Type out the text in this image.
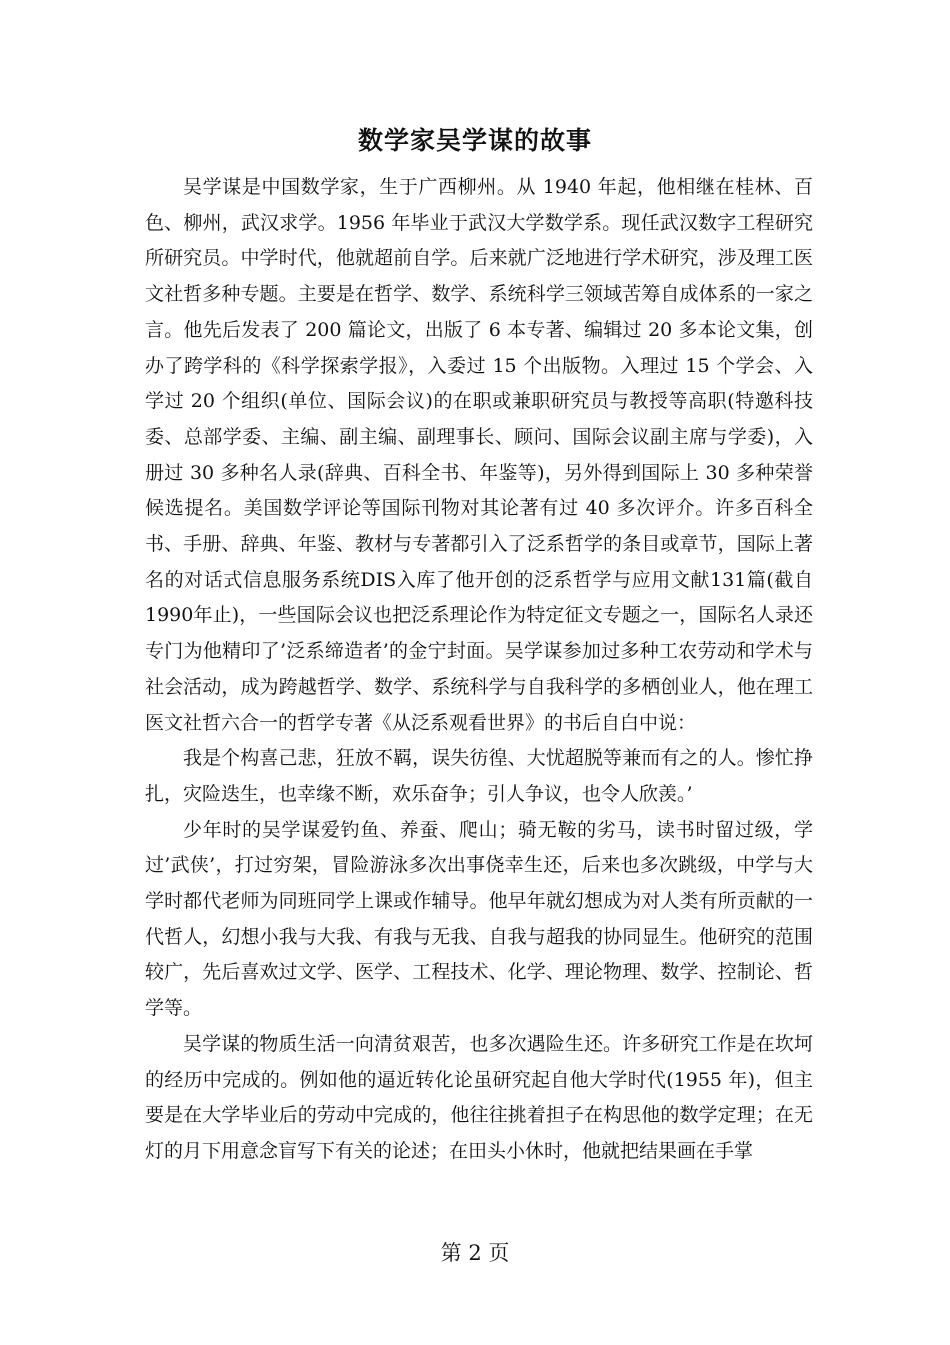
数学家吴学谋的故事

吴学谋是中国数学家，生于广西柳州。从 1940 年起，他相继在桂林、百色、柳州，武汉求学。1956 年毕业于武汉大学数学系。现任武汉数字工程研究所研究员。中学时代，他就超前自学。后来就广泛地进行学术研究，涉及理工医文社哲多种专题。主要是在哲学、数学、系统科学三领域苦筹自成体系的一家之言。他先后发表了 200 篇论文，出版了 6 本专著、编辑过 20 多本论文集，创办了跨学科的《科学探索学报》，入委过 15 个出版物。入理过 15 个学会、入学过 20 个组织(单位、国际会议)的在职或兼职研究员与教授等高职(特邀科技委、总部学委、主编、副主编、副理事长、顾问、国际会议副主席与学委)，入册过 30 多种名人录(辞典、百科全书、年鉴等)，另外得到国际上 30 多种荣誉候选提名。美国数学评论等国际刊物对其论著有过 40 多次评介。许多百科全书、手册、辞典、年鉴、教材与专著都引入了泛系哲学的条目或章节，国际上著名的对话式信息服务系统DIS入库了他开创的泛系哲学与应用文献131篇(截自1990年止)，一些国际会议也把泛系理论作为特定征文专题之一，国际名人录还专门为他精印了’泛系缔造者’的金宁封面。吴学谋参加过多种工农劳动和学术与社会活动，成为跨越哲学、数学、系统科学与自我科学的多栖创业人，他在理工医文社哲六合一的哲学专著《从泛系观看世界》的书后自白中说：

我是个构喜己悲，狂放不羁，误失彷徨、大忧超脱等兼而有之的人。惨忙挣扎，灾险迭生，也幸缘不断，欢乐奋争；引人争议，也令人欣羡。’

少年时的吴学谋爱钓鱼、养蚕、爬山；骑无鞍的劣马，读书时留过级，学过’武侠’，打过穷架，冒险游泳多次出事侥幸生还，后来也多次跳级，中学与大学时都代老师为同班同学上课或作辅导。他早年就幻想成为对人类有所贡献的一代哲人，幻想小我与大我、有我与无我、自我与超我的协同显生。他研究的范围较广，先后喜欢过文学、医学、工程技术、化学、理论物理、数学、控制论、哲学等。

吴学谋的物质生活一向清贫艰苦，也多次遇险生还。许多研究工作是在坎坷的经历中完成的。例如他的逼近转化论虽研究起自他大学时代(1955 年)，但主要是在大学毕业后的劳动中完成的，他往往挑着担子在构思他的数学定理；在无灯的月下用意念盲写下有关的论述；在田头小休时，他就把结果画在手掌

第 2 页
